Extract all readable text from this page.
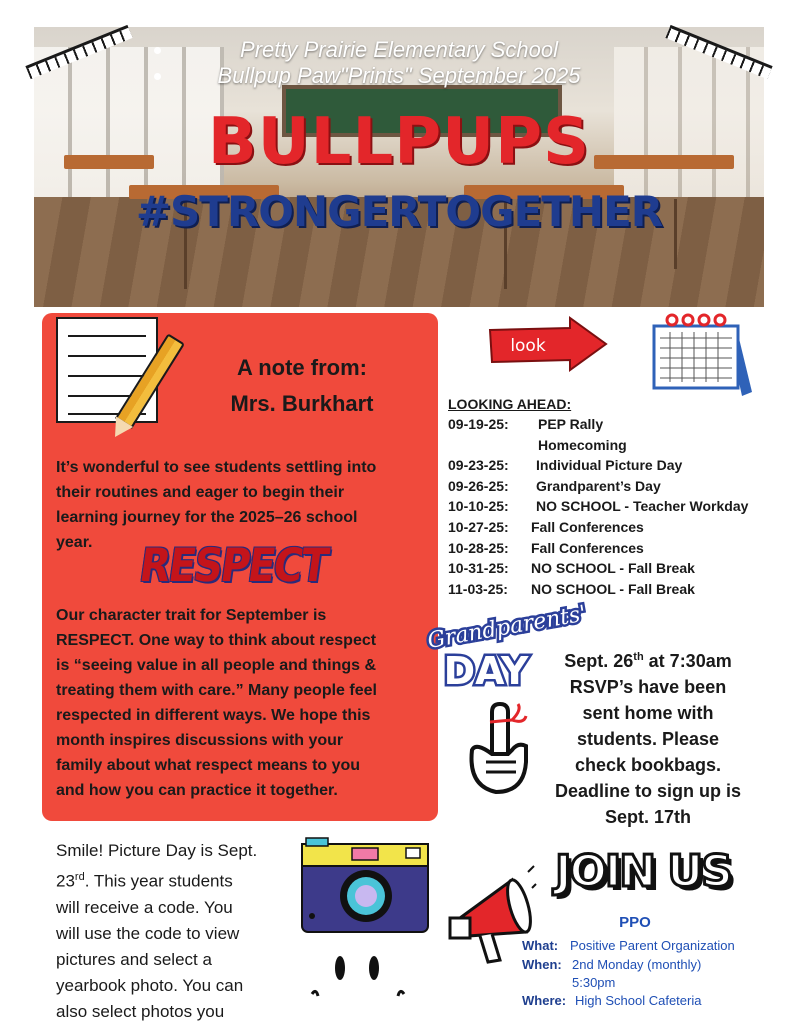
Pretty Prairie Elementary School
Bullpup Paw"Prints" September 2025
BULLPUPS
#STRONGERTOGETHER
A note from:
Mrs. Burkhart
It’s wonderful to see students settling into
their routines and eager to begin their
learning journey for the 2025–26 school
year.	RESPECT
Our character trait for September is
RESPECT. One way to think about respect
is “seeing value in all people and things &
treating them with care.” Many people feel
respected in different ways. We hope this
month inspires discussions with your
family about what respect means to you
and how you can practice it together.
look
LOOKING AHEAD:
09-19-25: PEP Rally
Homecoming
09-23-25: Individual Picture Day
09-26-25: Grandparent’s Day
10-10-25: NO SCHOOL - Teacher Workday
10-27-25: Fall Conferences
10-28-25: Fall Conferences
10-31-25: NO SCHOOL - Fall Break
11-03-25: NO SCHOOL - Fall Break
Grandparents'
DAY	Sept. 26th at 7:30am
RSVP’s have been
sent home with
students. Please
check bookbags.
Deadline to sign up is
Sept. 17th
Smile! Picture Day is Sept.
23rd. This year students
will receive a code. You
will use the code to view
pictures and select a
yearbook photo. You can
also select photos you
JOIN US
PPO
What: Positive Parent Organization
When: 2nd Monday (monthly)
5:30pm
Where: High School Cafeteria
